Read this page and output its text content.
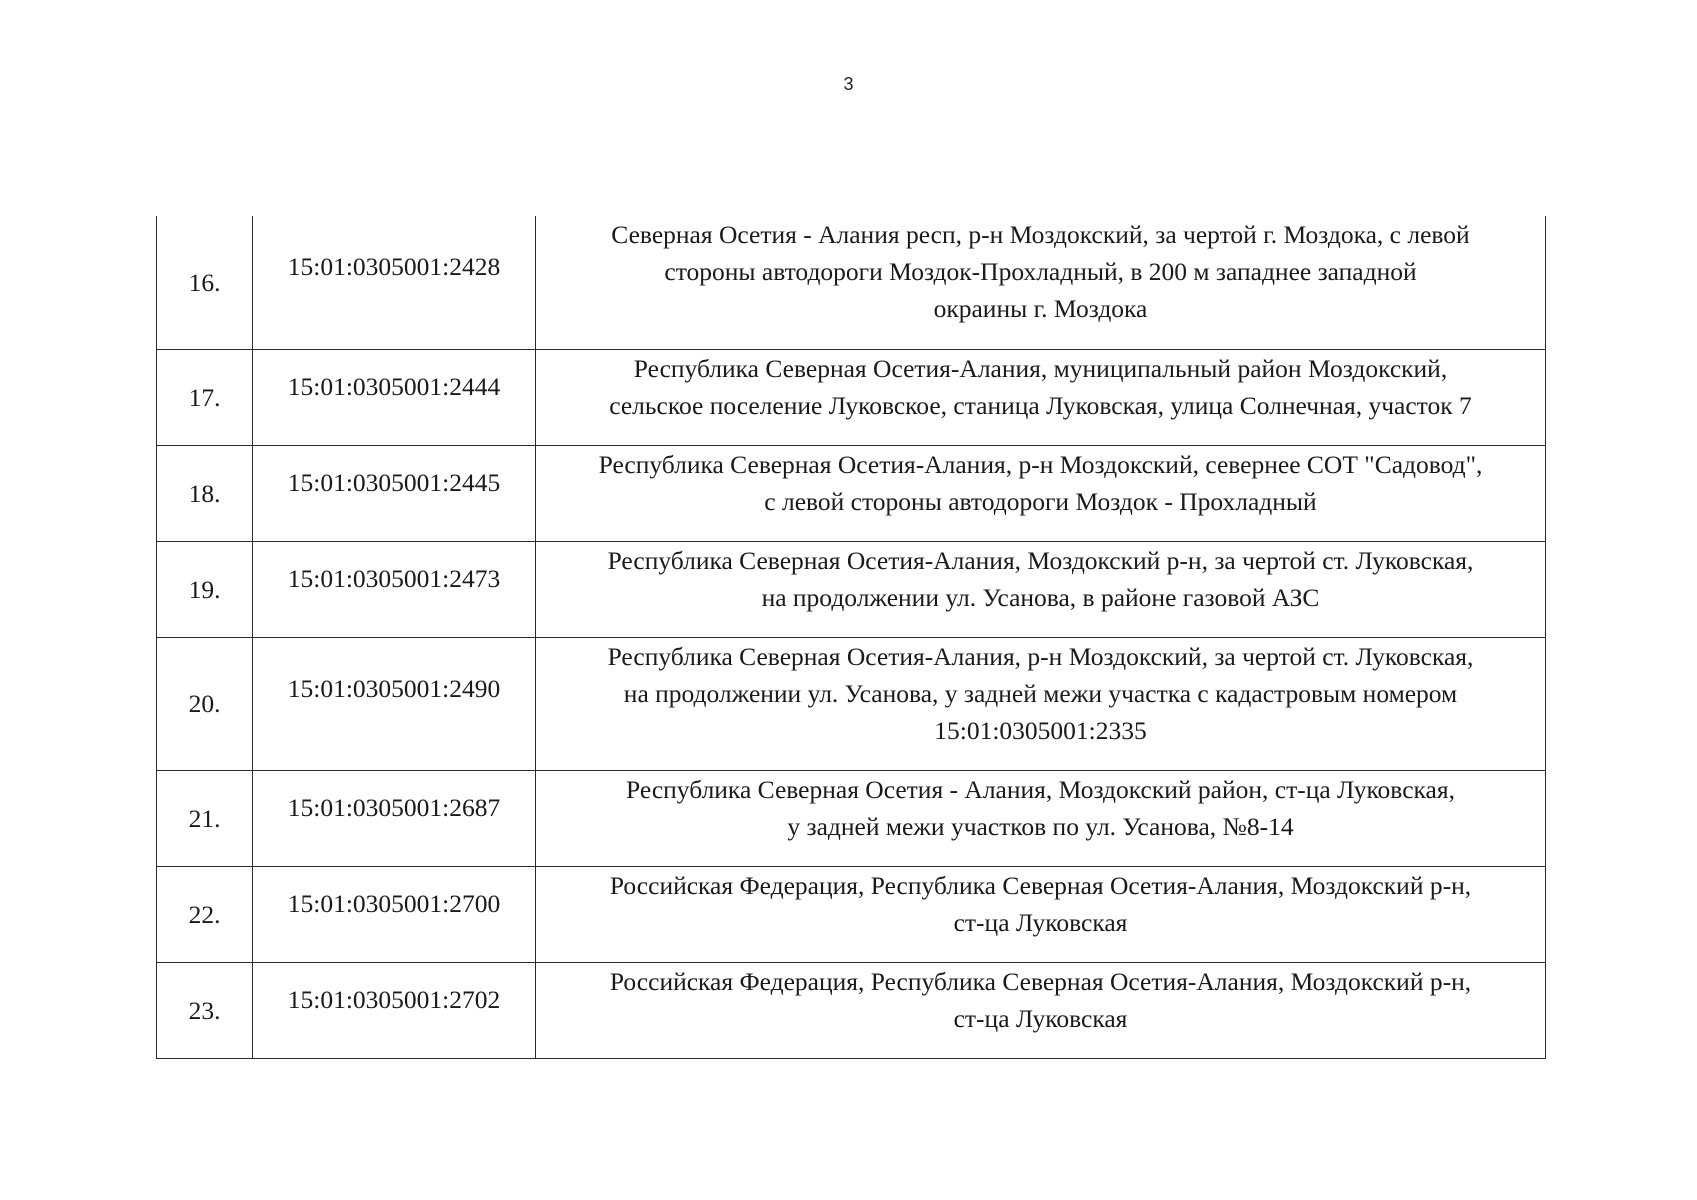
3
16.	15:01:0305001:2428	Северная Осетия - Алания респ, р-н Моздокский, за чертой г. Моздока, с левой
стороны автодороги Моздок-Прохладный, в 200 м западнее западной
окраины г. Моздока

17.	15:01:0305001:2444	Республика Северная Осетия-Алания, муниципальный район Моздокский,
сельское поселение Луковское, станица Луковская, улица Солнечная, участок 7

18.	15:01:0305001:2445	Республика Северная Осетия-Алания, р-н Моздокский, севернее СОТ "Садовод",
с левой стороны автодороги Моздок - Прохладный

19.	15:01:0305001:2473	Республика Северная Осетия-Алания, Моздокский р-н, за чертой ст. Луковская,
на продолжении ул. Усанова, в районе газовой АЗС

20.	15:01:0305001:2490	Республика Северная Осетия-Алания, р-н Моздокский, за чертой ст. Луковская,
на продолжении ул. Усанова, у задней межи участка с кадастровым номером
15:01:0305001:2335

21.	15:01:0305001:2687	Республика Северная Осетия - Алания, Моздокский район, ст-ца Луковская,
у задней межи участков по ул. Усанова, №8-14

22.	15:01:0305001:2700	Российская Федерация, Республика Северная Осетия-Алания, Моздокский р-н,
ст-ца Луковская

23.	15:01:0305001:2702	Российская Федерация, Республика Северная Осетия-Алания, Моздокский р-н,
ст-ца Луковская
